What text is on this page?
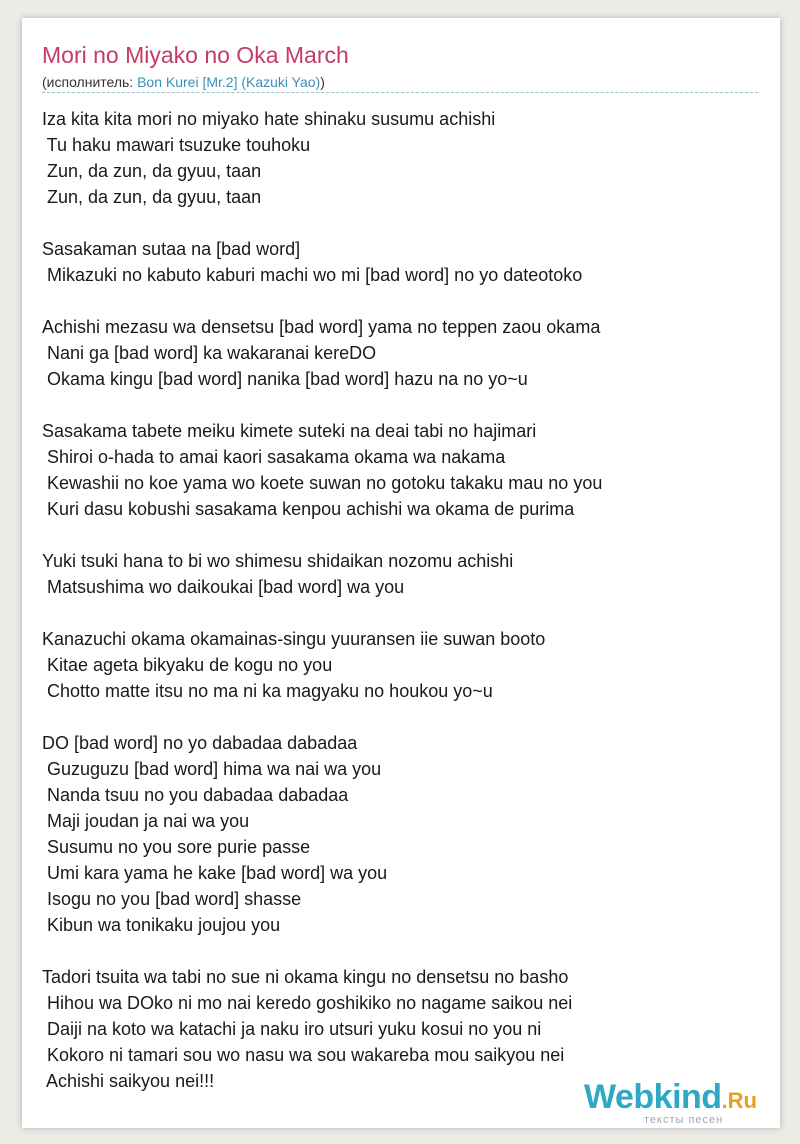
Mori no Miyako no Oka March
(исполнитель: Bon Kurei [Mr.2] (Kazuki Yao))
Iza kita kita mori no miyako hate shinaku susumu achishi
Tu haku mawari tsuzuke touhoku
Zun, da zun, da gyuu, taan
Zun, da zun, da gyuu, taan
Sasakaman sutaa na [bad word]
Mikazuki no kabuto kaburi machi wo mi [bad word] no yo dateotoko
Achishi mezasu wa densetsu [bad word] yama no teppen zaou okama
Nani ga [bad word] ka wakaranai kereDO
Okama kingu [bad word] nanika [bad word] hazu na no yo~u
Sasakama tabete meiku kimete suteki na deai tabi no hajimari
Shiroi o-hada to amai kaori sasakama okama wa nakama
Kewashii no koe yama wo koete suwan no gotoku takaku mau no you
Kuri dasu kobushi sasakama kenpou achishi wa okama de purima
Yuki tsuki hana to bi wo shimesu shidaikan nozomu achishi
Matsushima wo daikoukai [bad word] wa you
Kanazuchi okama okamainas-singu yuuransen iie suwan booto
Kitae ageta bikyaku de kogu no you
Chotto matte itsu no ma ni ka magyaku no houkou yo~u
DO [bad word] no yo dabadaa dabadaa
Guzuguzu [bad word] hima wa nai wa you
Nanda tsuu no you dabadaa dabadaa
Maji joudan ja nai wa you
Susumu no you sore purie passe
Umi kara yama he kake [bad word] wa you
Isogu no you [bad word] shasse
Kibun wa tonikaku joujou you
Tadori tsuita wa tabi no sue ni okama kingu no densetsu no basho
Hihou wa DOko ni mo nai keredo goshikiko no nagame saikou nei
Daiji na koto wa katachi ja naku iro utsuri yuku kosui no you ni
Kokoro ni tamari sou wo nasu wa sou wakareba mou saikyou nei
Achishi saikyou nei!!!	Webkind.Ru
тексты песен
